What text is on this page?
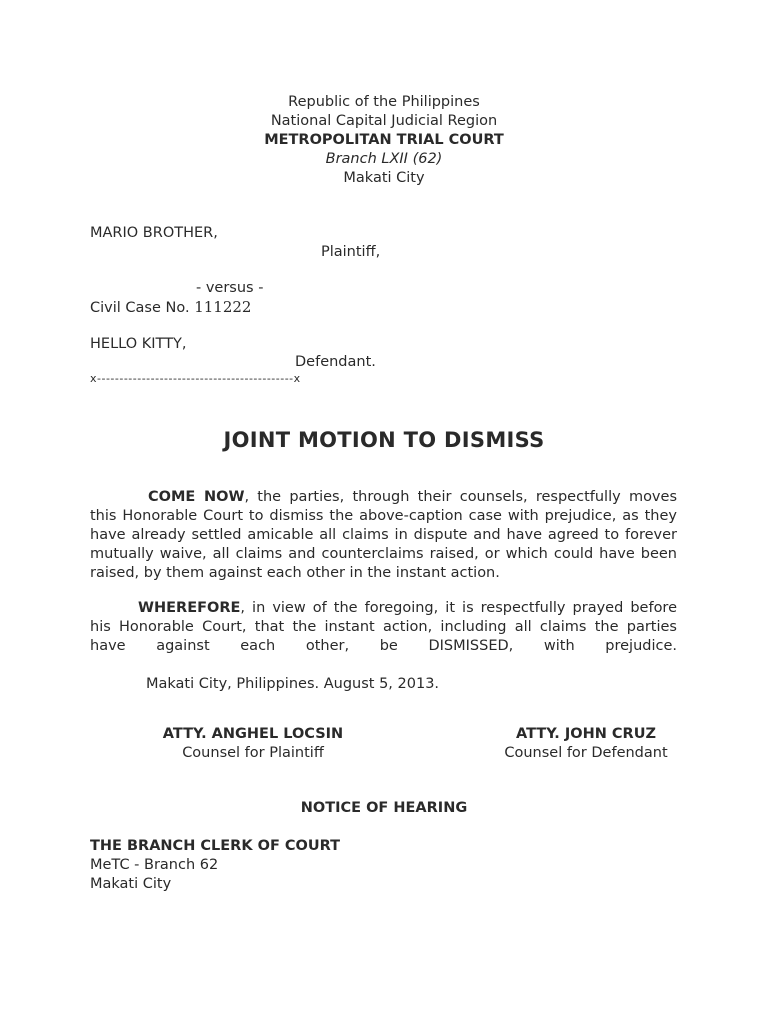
Republic of the Philippines
National Capital Judicial Region
METROPOLITAN TRIAL COURT
Branch LXII (62)
Makati City
MARIO BROTHER,
Plaintiff,
- versus -
Civil Case No. 111222
HELLO KITTY,
Defendant.
x--------------------------------------------x
JOINT MOTION TO DISMISS
COME NOW, the parties, through their counsels, respectfully moves this Honorable Court to dismiss the above-caption case with prejudice, as they have already settled amicable all claims in dispute and have agreed to forever mutually waive, all claims and counterclaims raised, or which could have been raised, by them against each other in the instant action.
WHEREFORE, in view of the foregoing, it is respectfully prayed before his Honorable Court, that the instant action, including all claims the parties have against each other, be DISMISSED, with prejudice.
Makati City, Philippines. August 5, 2013.
ATTY. ANGHEL LOCSIN
Counsel for Plaintiff
ATTY. JOHN CRUZ
Counsel for Defendant
NOTICE OF HEARING
THE BRANCH CLERK OF COURT
MeTC - Branch 62
Makati City
